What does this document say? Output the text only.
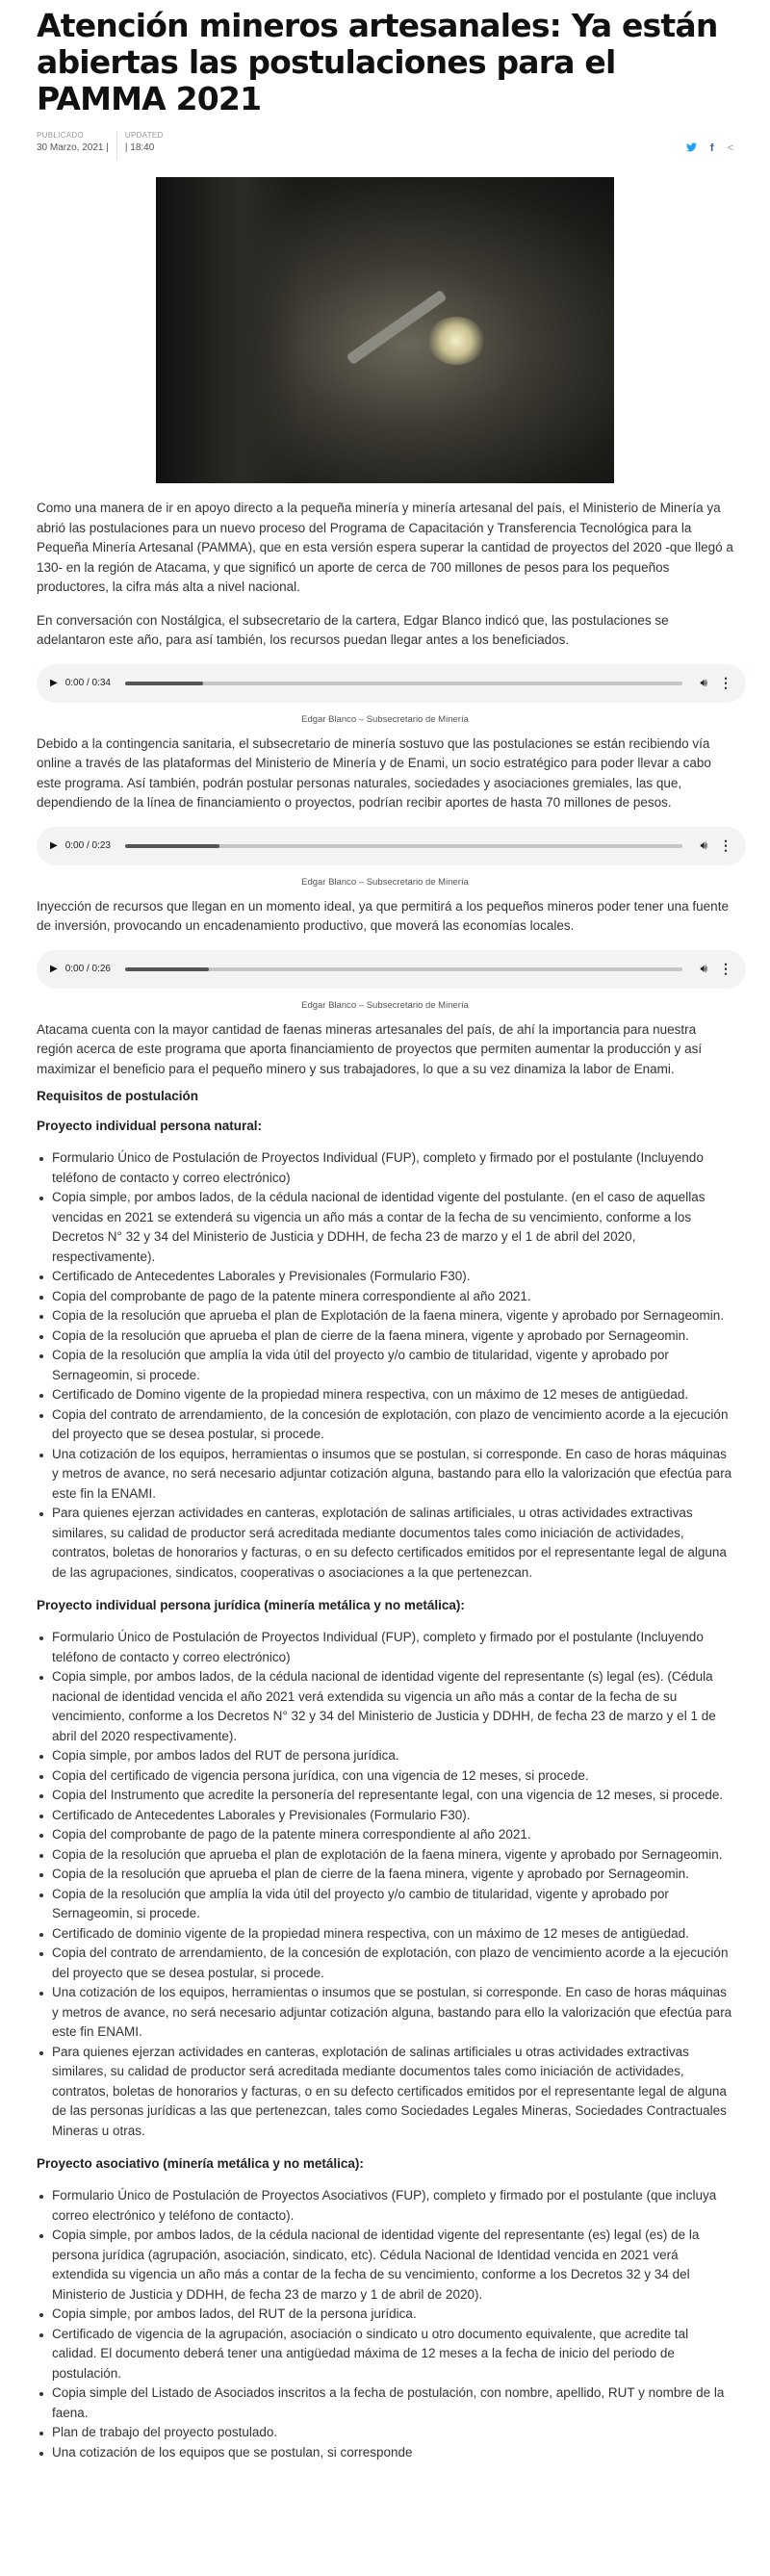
Atención mineros artesanales: Ya están abiertas las postulaciones para el PAMMA 2021
PUBLICADO
30 Marzo, 2021 |
UPDATED
| 18:40	f <

Como una manera de ir en apoyo directo a la pequeña minería y minería artesanal del país, el Ministerio de Minería ya abrió las postulaciones para un nuevo proceso del Programa de Capacitación y Transferencia Tecnológica para la Pequeña Minería Artesanal (PAMMA), que en esta versión espera superar la cantidad de proyectos del 2020 -que llegó a 130- en la región de Atacama, y que significó un aporte de cerca de 700 millones de pesos para los pequeños productores, la cifra más alta a nivel nacional.

En conversación con Nostálgica, el subsecretario de la cartera, Edgar Blanco indicó que, las postulaciones se adelantaron este año, para así también, los recursos puedan llegar antes a los beneficiados.

▶ 0:00 / 0:34	🔊︎ ⋮
Edgar Blanco – Subsecretario de Minería

Debido a la contingencia sanitaria, el subsecretario de minería sostuvo que las postulaciones se están recibiendo vía online a través de las plataformas del Ministerio de Minería y de Enami, un socio estratégico para poder llevar a cabo este programa. Así también, podrán postular personas naturales, sociedades y asociaciones gremiales, las que, dependiendo de la línea de financiamiento o proyectos, podrían recibir aportes de hasta 70 millones de pesos.

▶ 0:00 / 0:23	🔊︎ ⋮
Edgar Blanco – Subsecretario de Minería

Inyección de recursos que llegan en un momento ideal, ya que permitirá a los pequeños mineros poder tener una fuente de inversión, provocando un encadenamiento productivo, que moverá las economías locales.

▶ 0:00 / 0:26	🔊︎ ⋮
Edgar Blanco – Subsecretario de Minería

Atacama cuenta con la mayor cantidad de faenas mineras artesanales del país, de ahí la importancia para nuestra región acerca de este programa que aporta financiamiento de proyectos que permiten aumentar la producción y así maximizar el beneficio para el pequeño minero y sus trabajadores, lo que a su vez dinamiza la labor de Enami.

Requisitos de postulación
Proyecto individual persona natural:
Formulario Único de Postulación de Proyectos Individual (FUP), completo y firmado por el postulante (Incluyendo teléfono de contacto y correo electrónico)
Copia simple, por ambos lados, de la cédula nacional de identidad vigente del postulante. (en el caso de aquellas vencidas en 2021 se extenderá su vigencia un año más a contar de la fecha de su vencimiento, conforme a los Decretos N° 32 y 34 del Ministerio de Justicia y DDHH, de fecha 23 de marzo y el 1 de abril del 2020, respectivamente).
Certificado de Antecedentes Laborales y Previsionales (Formulario F30).
Copia del comprobante de pago de la patente minera correspondiente al año 2021.
Copia de la resolución que aprueba el plan de Explotación de la faena minera, vigente y aprobado por Sernageomin.
Copia de la resolución que aprueba el plan de cierre de la faena minera, vigente y aprobado por Sernageomin.
Copia de la resolución que amplía la vida útil del proyecto y/o cambio de titularidad, vigente y aprobado por Sernageomin, si procede.
Certificado de Domino vigente de la propiedad minera respectiva, con un máximo de 12 meses de antigüedad.
Copia del contrato de arrendamiento, de la concesión de explotación, con plazo de vencimiento acorde a la ejecución del proyecto que se desea postular, si procede.
Una cotización de los equipos, herramientas o insumos que se postulan, si corresponde. En caso de horas máquinas y metros de avance, no será necesario adjuntar cotización alguna, bastando para ello la valorización que efectúa para este fin la ENAMI.
Para quienes ejerzan actividades en canteras, explotación de salinas artificiales, u otras actividades extractivas similares, su calidad de productor será acreditada mediante documentos tales como iniciación de actividades, contratos, boletas de honorarios y facturas, o en su defecto certificados emitidos por el representante legal de alguna de las agrupaciones, sindicatos, cooperativas o asociaciones a la que pertenezcan.
Proyecto individual persona jurídica (minería metálica y no metálica):
Formulario Único de Postulación de Proyectos Individual (FUP), completo y firmado por el postulante (Incluyendo teléfono de contacto y correo electrónico)
Copia simple, por ambos lados, de la cédula nacional de identidad vigente del representante (s) legal (es). (Cédula nacional de identidad vencida el año 2021 verá extendida su vigencia un año más a contar de la fecha de su vencimiento, conforme a los Decretos N° 32 y 34 del Ministerio de Justicia y DDHH, de fecha 23 de marzo y el 1 de abril del 2020 respectivamente).
Copia simple, por ambos lados del RUT de persona jurídica.
Copia del certificado de vigencia persona jurídica, con una vigencia de 12 meses, si procede.
Copia del Instrumento que acredite la personería del representante legal, con una vigencia de 12 meses, si procede.
Certificado de Antecedentes Laborales y Previsionales (Formulario F30).
Copia del comprobante de pago de la patente minera correspondiente al año 2021.
Copia de la resolución que aprueba el plan de explotación de la faena minera, vigente y aprobado por Sernageomin.
Copia de la resolución que aprueba el plan de cierre de la faena minera, vigente y aprobado por Sernageomin.
Copia de la resolución que amplía la vida útil del proyecto y/o cambio de titularidad, vigente y aprobado por Sernageomin, si procede.
Certificado de dominio vigente de la propiedad minera respectiva, con un máximo de 12 meses de antigüedad.
Copia del contrato de arrendamiento, de la concesión de explotación, con plazo de vencimiento acorde a la ejecución del proyecto que se desea postular, si procede.
Una cotización de los equipos, herramientas o insumos que se postulan, si corresponde. En caso de horas máquinas y metros de avance, no será necesario adjuntar cotización alguna, bastando para ello la valorización que efectúa para este fin ENAMI.
Para quienes ejerzan actividades en canteras, explotación de salinas artificiales u otras actividades extractivas similares, su calidad de productor será acreditada mediante documentos tales como iniciación de actividades, contratos, boletas de honorarios y facturas, o en su defecto certificados emitidos por el representante legal de alguna de las personas jurídicas a las que pertenezcan, tales como Sociedades Legales Mineras, Sociedades Contractuales Mineras u otras.
Proyecto asociativo (minería metálica y no metálica):
Formulario Único de Postulación de Proyectos Asociativos (FUP), completo y firmado por el postulante (que incluya correo electrónico y teléfono de contacto).
Copia simple, por ambos lados, de la cédula nacional de identidad vigente del representante (es) legal (es) de la persona jurídica (agrupación, asociación, sindicato, etc). Cédula Nacional de Identidad vencida en 2021 verá extendida su vigencia un año más a contar de la fecha de su vencimiento, conforme a los Decretos 32 y 34 del Ministerio de Justicia y DDHH, de fecha 23 de marzo y 1 de abril de 2020).
Copia simple, por ambos lados, del RUT de la persona jurídica.
Certificado de vigencia de la agrupación, asociación o sindicato u otro documento equivalente, que acredite tal calidad. El documento deberá tener una antigüedad máxima de 12 meses a la fecha de inicio del periodo de postulación.
Copia simple del Listado de Asociados inscritos a la fecha de postulación, con nombre, apellido, RUT y nombre de la faena.
Plan de trabajo del proyecto postulado.
Una cotización de los equipos que se postulan, si corresponde
